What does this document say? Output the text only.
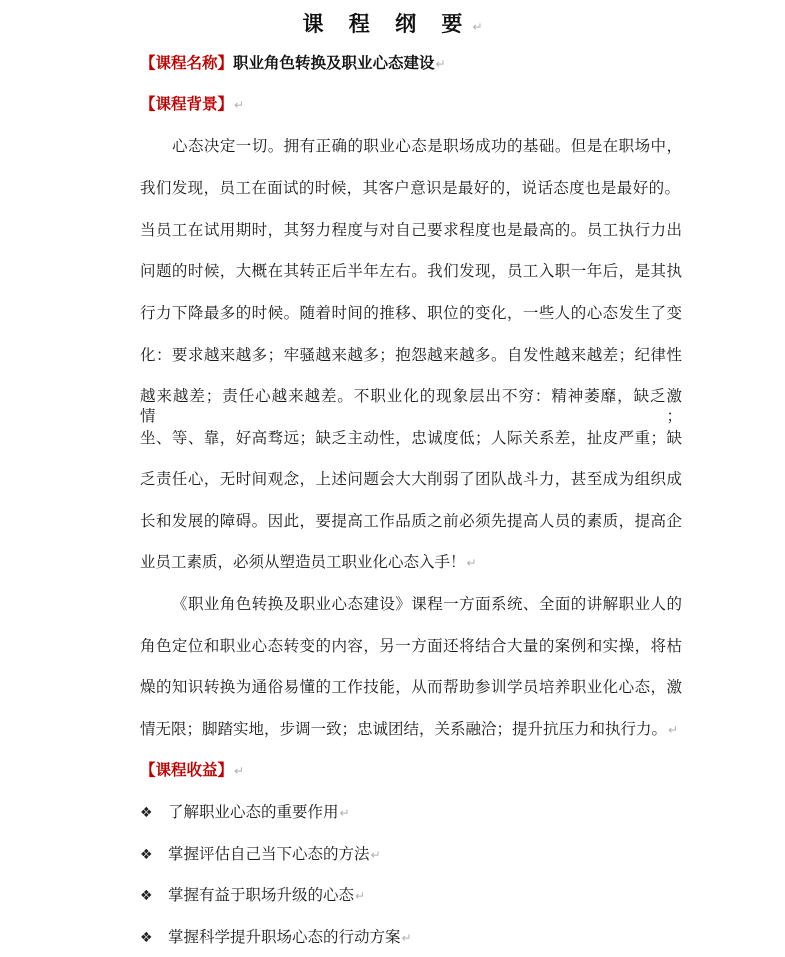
课 程 纲 要↵
【课程名称】职业角色转换及职业心态建设↵
【课程背景】↵
心态决定一切。拥有正确的职业心态是职场成功的基础。但是在职场中，
我们发现，员工在面试的时候，其客户意识是最好的，说话态度也是最好的。
当员工在试用期时，其努力程度与对自己要求程度也是最高的。员工执行力出
问题的时候，大概在其转正后半年左右。我们发现，员工入职一年后，是其执
行力下降最多的时候。随着时间的推移、职位的变化，一些人的心态发生了变
化：要求越来越多；牢骚越来越多；抱怨越来越多。自发性越来越差；纪律性
越来越差；责任心越来越差。不职业化的现象层出不穷：精神萎靡，缺乏激情；
坐、等、靠，好高骛远；缺乏主动性，忠诚度低；人际关系差，扯皮严重；缺
乏责任心，无时间观念，上述问题会大大削弱了团队战斗力，甚至成为组织成
长和发展的障碍。因此，要提高工作品质之前必须先提高人员的素质，提高企
业员工素质，必须从塑造员工职业化心态入手！↵
《职业角色转换及职业心态建设》课程一方面系统、全面的讲解职业人的
角色定位和职业心态转变的内容，另一方面还将结合大量的案例和实操，将枯
燥的知识转换为通俗易懂的工作技能，从而帮助参训学员培养职业化心态，激
情无限；脚踏实地，步调一致；忠诚团结，关系融洽；提升抗压力和执行力。↵
【课程收益】↵
❖ 了解职业心态的重要作用↵
❖ 掌握评估自己当下心态的方法↵
❖ 掌握有益于职场升级的心态↵
❖ 掌握科学提升职场心态的行动方案↵
